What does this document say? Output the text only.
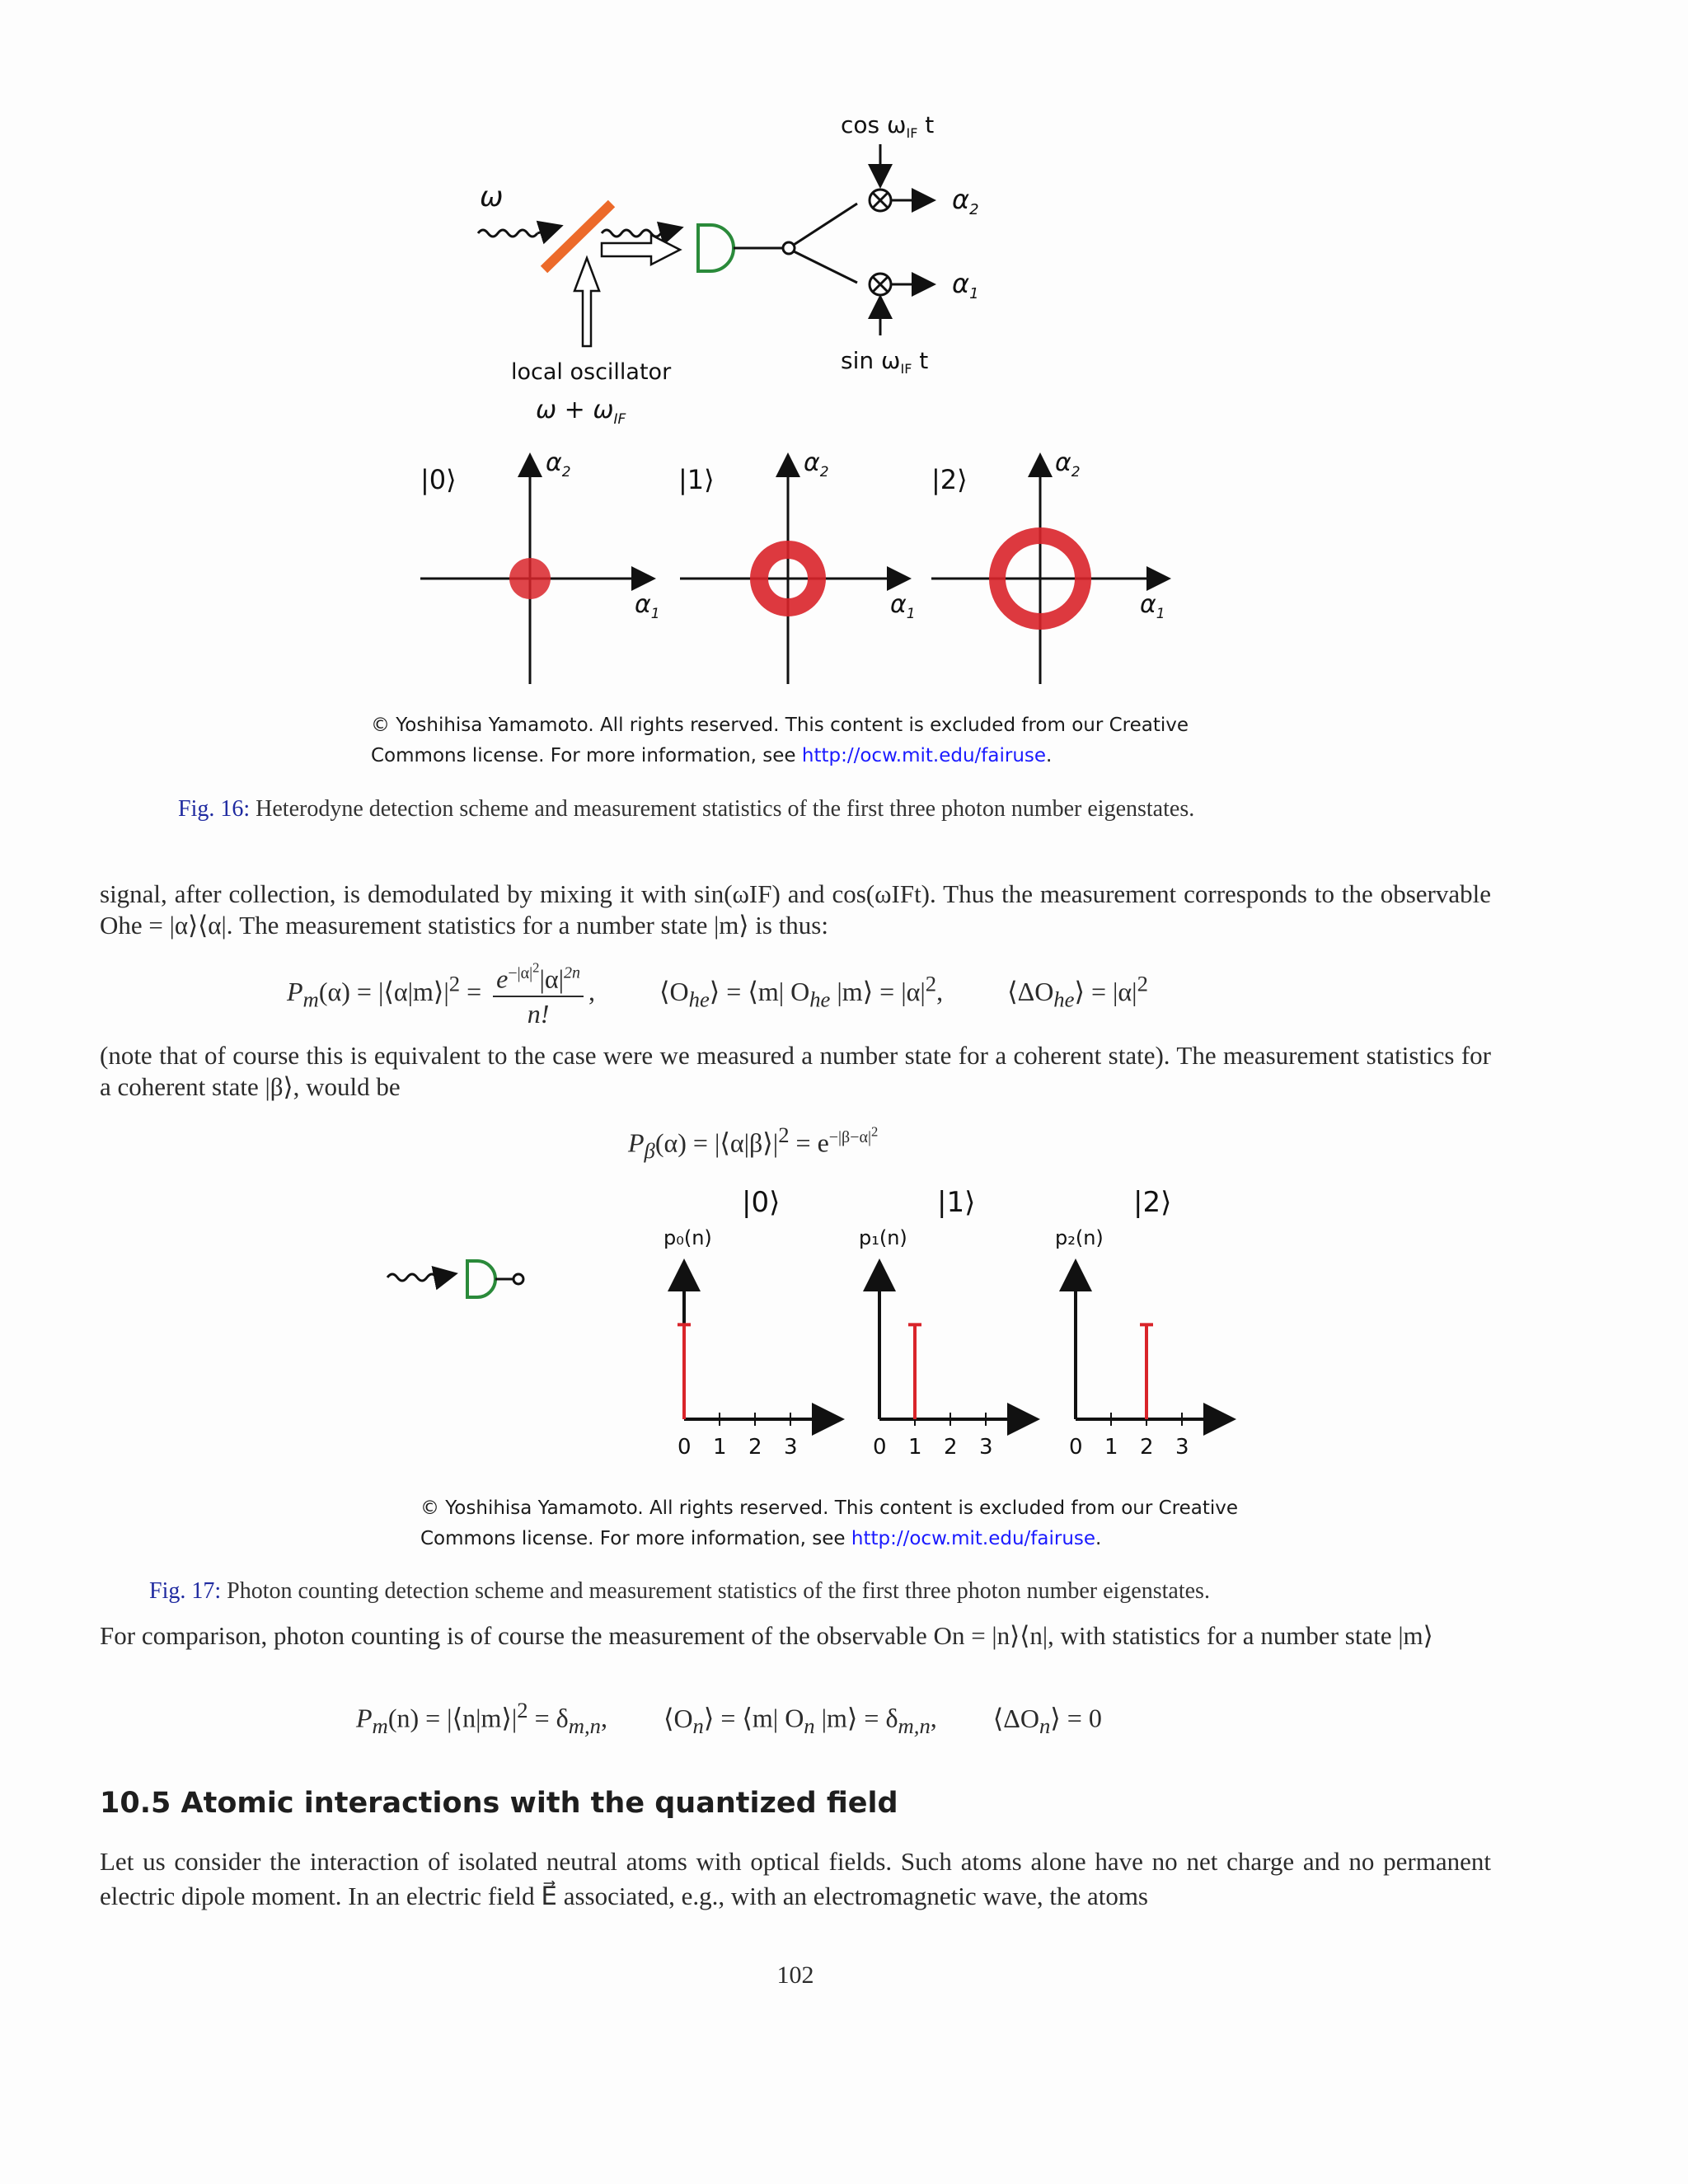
ω
$\cos \omega_{IF}$ t
$\sin \omega_{IF}$ t
$\alpha_2$
$\alpha_1$
local oscillator
$\omega + \omega_{IF}$
|0⟩
$\alpha_2$
$\alpha_1$
|1⟩
$\alpha_2$
$\alpha_1$
|2⟩
$\alpha_2$
$\alpha_1$
© Yoshihisa Yamamoto. All rights reserved. This content is excluded from our Creative
Commons license. For more information, see http://ocw.mit.edu/fairuse.
Fig. 16: Heterodyne detection scheme and measurement statistics of the first three photon number eigenstates.
signal, after collection, is demodulated by mixing it with sin(ωIF) and cos(ωIFt). Thus the measurement corresponds to the observable Ohe = |α⟩⟨α|. The measurement statistics for a number state |m⟩ is thus:
$P_m(\alpha)$ = $|⟨\alpha|m⟩|^2 = \frac{e^{-|\alpha|^2}|\alpha|^{2n}}{n!}$ , $⟨O_{he}⟩$ = ⟨m| $O_{he}$ |m⟩ = $|\alpha|^2$, $⟨\Delta O_{he}⟩ = |\alpha|^2$
(note that of course this is equivalent to the case were we measured a number state for a coherent state). The measurement statistics for a coherent state |β⟩, would be
$P_\beta(\alpha)$ = $|⟨\alpha|\beta⟩|^2 = e^{-|\beta-\alpha|^2}$
|0⟩
p₀(n)
0 1 2 3
|1⟩
p₁(n)
0 1 2 3
|2⟩
p₂(n)
0 1 2 3
© Yoshihisa Yamamoto. All rights reserved. This content is excluded from our Creative
Commons license. For more information, see http://ocw.mit.edu/fairuse.
Fig. 17: Photon counting detection scheme and measurement statistics of the first three photon number eigenstates.
For comparison, photon counting is of course the measurement of the observable On = |n⟩⟨n|, with statistics for a number state |m⟩
$P_m(n)$ = $|⟨n|m⟩|^2 = \delta_{m,n}$, $⟨O_n⟩$ = ⟨m| $O_n$ |m⟩ = $\delta_{m,n}$, $⟨\Delta O_n⟩ = 0$
10.5 Atomic interactions with the quantized field
Let us consider the interaction of isolated neutral atoms with optical fields. Such atoms alone have no net charge and no permanent electric dipole moment. In an electric field E⃗ associated, e.g., with an electromagnetic wave, the atoms
102
